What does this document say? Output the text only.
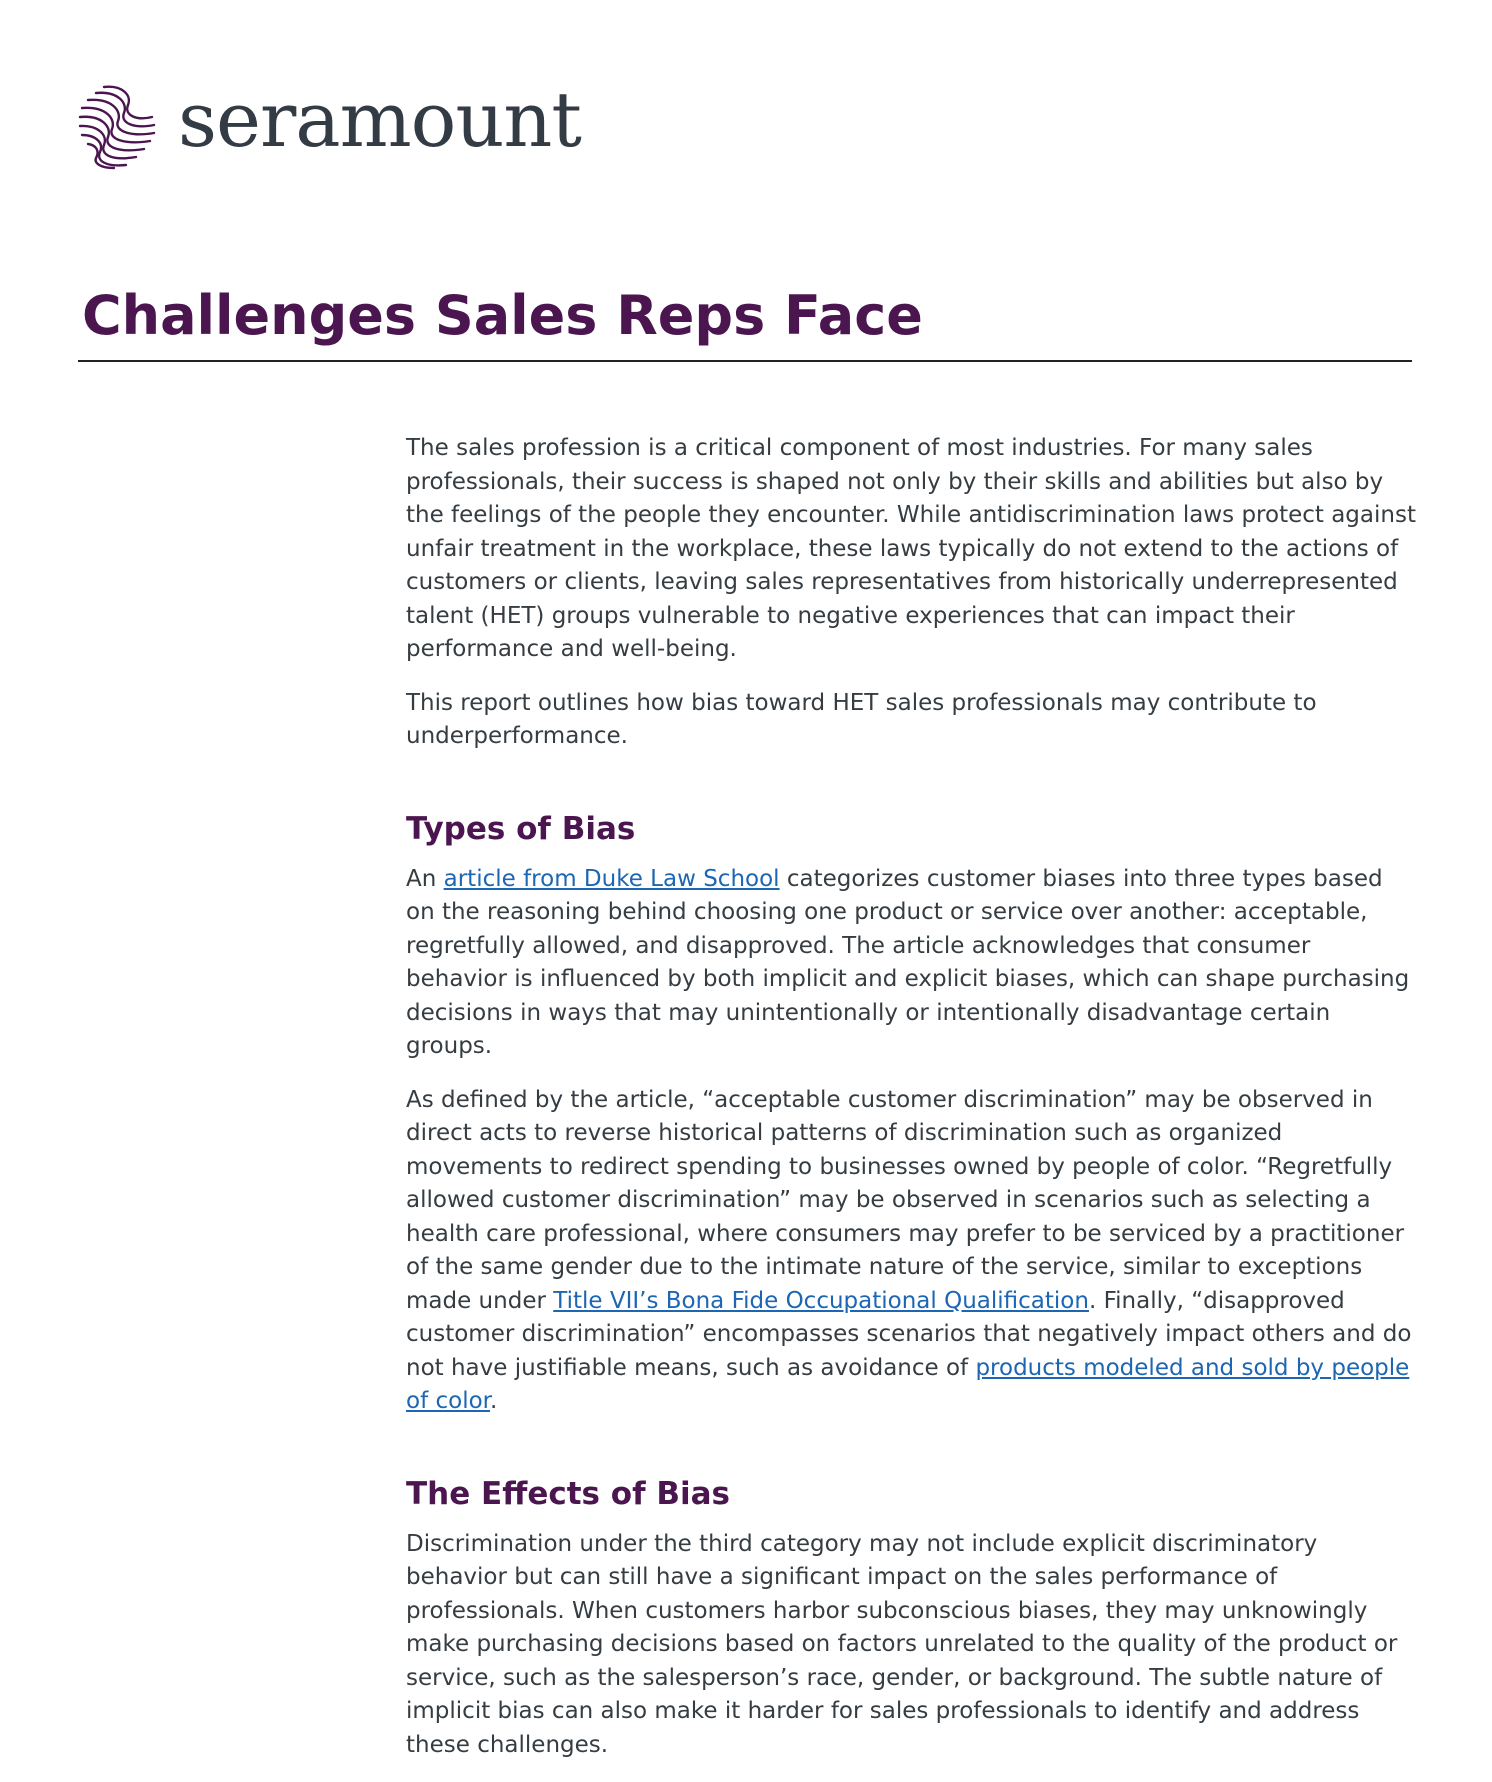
seramount
Challenges Sales Reps Face

The sales profession is a critical component of most industries. For many sales professionals, their success is shaped not only by their skills and abilities but also by the feelings of the people they encounter. While antidiscrimination laws protect against unfair treatment in the workplace, these laws typically do not extend to the actions of customers or clients, leaving sales representatives from historically underrepresented talent (HET) groups vulnerable to negative experiences that can impact their performance and well-being.

This report outlines how bias toward HET sales professionals may contribute to underperformance.

Types of Bias

An article from Duke Law School categorizes customer biases into three types based on the reasoning behind choosing one product or service over another: acceptable, regretfully allowed, and disapproved. The article acknowledges that consumer behavior is influenced by both implicit and explicit biases, which can shape purchasing decisions in ways that may unintentionally or intentionally disadvantage certain groups.

As defined by the article, “acceptable customer discrimination” may be observed in direct acts to reverse historical patterns of discrimination such as organized movements to redirect spending to businesses owned by people of color. “Regretfully allowed customer discrimination” may be observed in scenarios such as selecting a health care professional, where consumers may prefer to be serviced by a practitioner of the same gender due to the intimate nature of the service, similar to exceptions made under Title VII’s Bona Fide Occupational Qualification. Finally, “disapproved customer discrimination” encompasses scenarios that negatively impact others and do not have justifiable means, such as avoidance of products modeled and sold by people of color.

The Effects of Bias

Discrimination under the third category may not include explicit discriminatory behavior but can still have a significant impact on the sales performance of professionals. When customers harbor subconscious biases, they may unknowingly make purchasing decisions based on factors unrelated to the quality of the product or service, such as the salesperson’s race, gender, or background. The subtle nature of implicit bias can also make it harder for sales professionals to identify and address these challenges.
